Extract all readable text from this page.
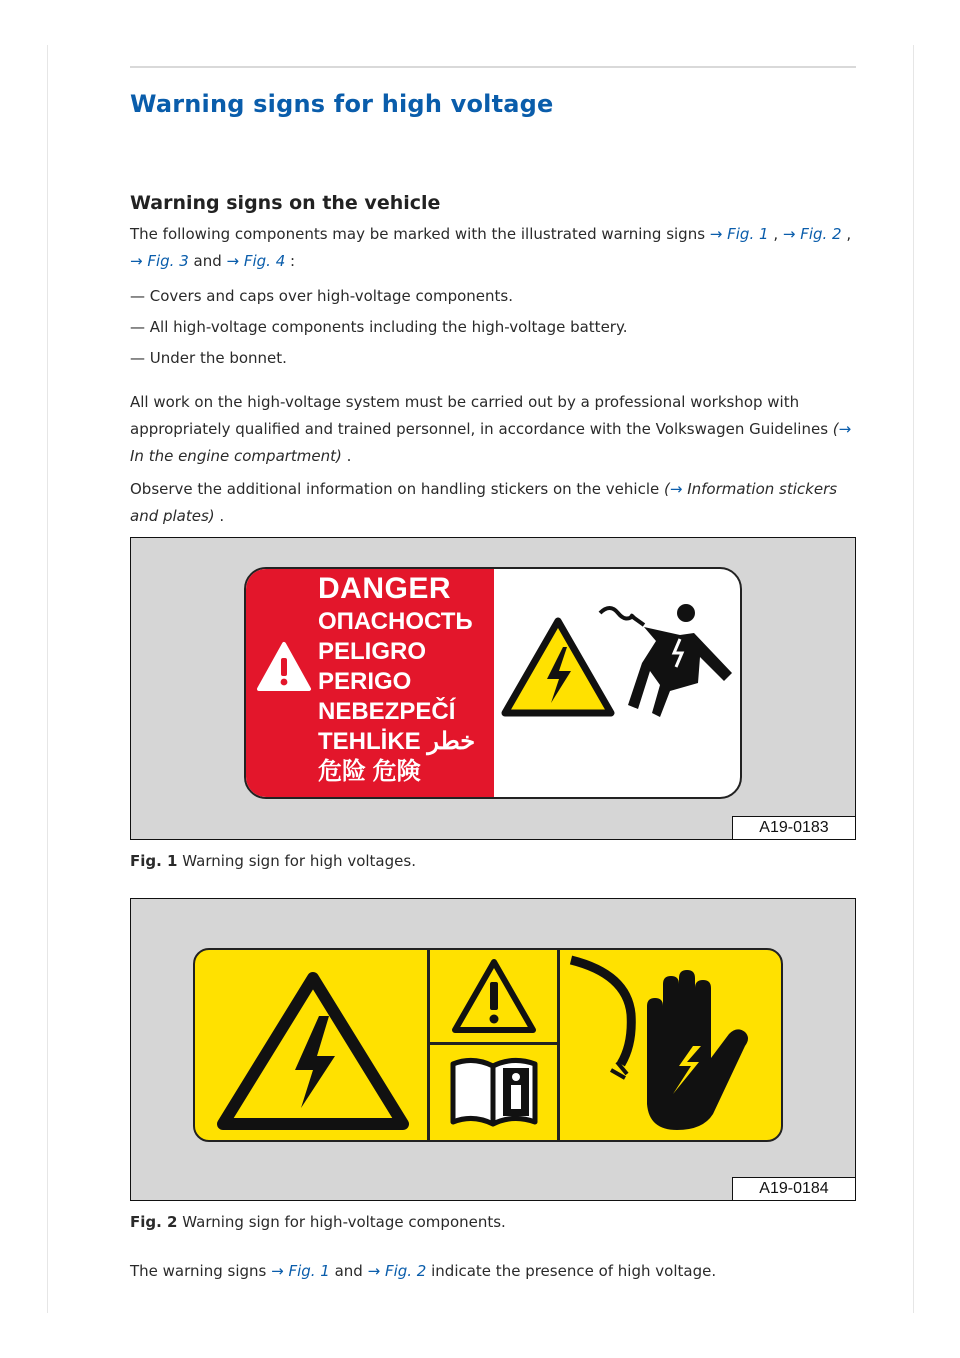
Warning signs for high voltage
Warning signs on the vehicle

The following components may be marked with the illustrated warning signs → Fig. 1 , → Fig. 2 ,
→ Fig. 3 and → Fig. 4 :

— Covers and caps over high-voltage components.

— All high-voltage components including the high-voltage battery.

— Under the bonnet.

All work on the high-voltage system must be carried out by a professional workshop with appropriately qualified and trained personnel, in accordance with the Volkswagen Guidelines (→
In the engine compartment) .

Observe the additional information on handling stickers on the vehicle (→ Information stickers and plates) .

DANGER
ОПАСНОСТЬ
PELIGRO
PERIGO
NEBEZPEČÍ
TEHLİKE خطر
危险 危険
A19-0183

Fig. 1 Warning sign for high voltages.

A19-0184

Fig. 2 Warning sign for high-voltage components.

The warning signs → Fig. 1 and → Fig. 2 indicate the presence of high voltage.
